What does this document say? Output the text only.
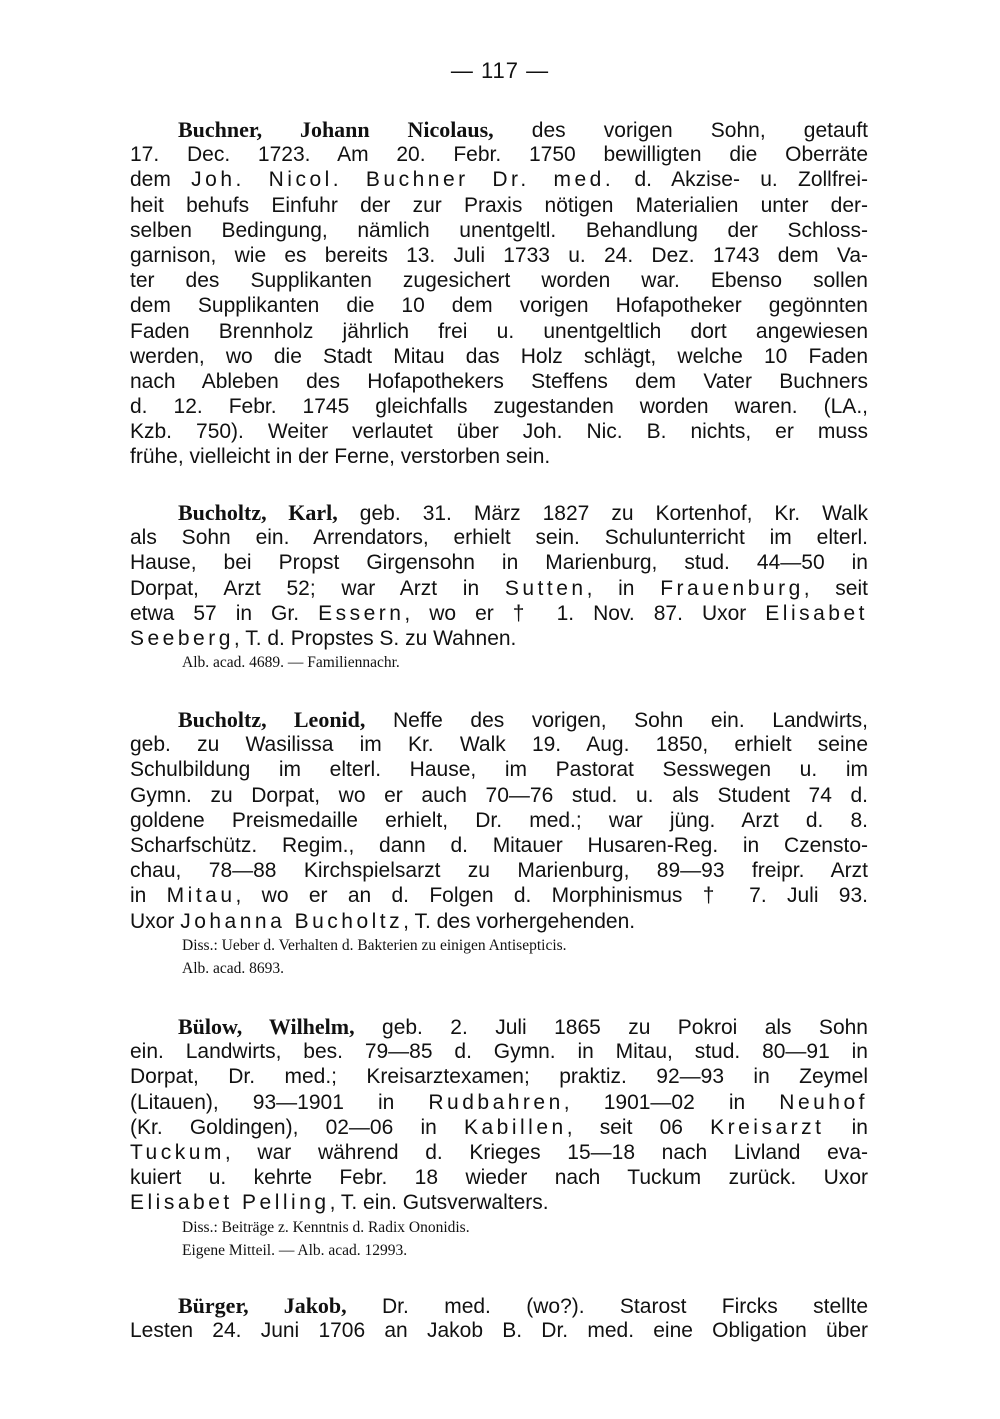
— 117 —
Buchner, Johann Nicolaus, des vorigen Sohn, getauft
17. Dec. 1723. Am 20. Febr. 1750 bewilligten die Oberräte
dem Joh. Nicol. Buchner Dr. med. d. Akzise- u. Zollfrei-
heit behufs Einfuhr der zur Praxis nötigen Materialien unter der-
selben Bedingung, nämlich unentgeltl. Behandlung der Schloss-
garnison, wie es bereits 13. Juli 1733 u. 24. Dez. 1743 dem Va-
ter des Supplikanten zugesichert worden war. Ebenso sollen
dem Supplikanten die 10 dem vorigen Hofapotheker gegönnten
Faden Brennholz jährlich frei u. unentgeltlich dort angewiesen
werden, wo die Stadt Mitau das Holz schlägt, welche 10 Faden
nach Ableben des Hofapothekers Steffens dem Vater Buchners
d. 12. Febr. 1745 gleichfalls zugestanden worden waren. (LA.,
Kzb. 750). Weiter verlautet über Joh. Nic. B. nichts, er muss
frühe, vielleicht in der Ferne, verstorben sein.
Bucholtz, Karl, geb. 31. März 1827 zu Kortenhof, Kr. Walk
als Sohn ein. Arrendators, erhielt sein. Schulunterricht im elterl.
Hause, bei Propst Girgensohn in Marienburg, stud. 44—50 in
Dorpat, Arzt 52; war Arzt in Sutten, in Frauenburg, seit
etwa 57 in Gr. Essern, wo er † 1. Nov. 87. Uxor Elisabet
Seeberg, T. d. Propstes S. zu Wahnen.
Alb. acad. 4689. — Familiennachr.
Bucholtz, Leonid, Neffe des vorigen, Sohn ein. Landwirts,
geb. zu Wasilissa im Kr. Walk 19. Aug. 1850, erhielt seine
Schulbildung im elterl. Hause, im Pastorat Sesswegen u. im
Gymn. zu Dorpat, wo er auch 70—76 stud. u. als Student 74 d.
goldene Preismedaille erhielt, Dr. med.; war jüng. Arzt d. 8.
Scharfschütz. Regim., dann d. Mitauer Husaren-Reg. in Czensto-
chau, 78—88 Kirchspielsarzt zu Marienburg, 89—93 freipr. Arzt
in Mitau, wo er an d. Folgen d. Morphinismus † 7. Juli 93.
Uxor Johanna Bucholtz, T. des vorhergehenden.
Diss.: Ueber d. Verhalten d. Bakterien zu einigen Antisepticis.
Alb. acad. 8693.
Bülow, Wilhelm, geb. 2. Juli 1865 zu Pokroi als Sohn
ein. Landwirts, bes. 79—85 d. Gymn. in Mitau, stud. 80—91 in
Dorpat, Dr. med.; Kreisarztexamen; praktiz. 92—93 in Zeymel
(Litauen), 93—1901 in Rudbahren, 1901—02 in Neuhof
(Kr. Goldingen), 02—06 in Kabillen, seit 06 Kreisarzt in
Tuckum, war während d. Krieges 15—18 nach Livland eva-
kuiert u. kehrte Febr. 18 wieder nach Tuckum zurück. Uxor
Elisabet Pelling, T. ein. Gutsverwalters.
Diss.: Beiträge z. Kenntnis d. Radix Ononidis.
Eigene Mitteil. — Alb. acad. 12993.
Bürger, Jakob, Dr. med. (wo?). Starost Fircks stellte
Lesten 24. Juni 1706 an Jakob B. Dr. med. eine Obligation über
